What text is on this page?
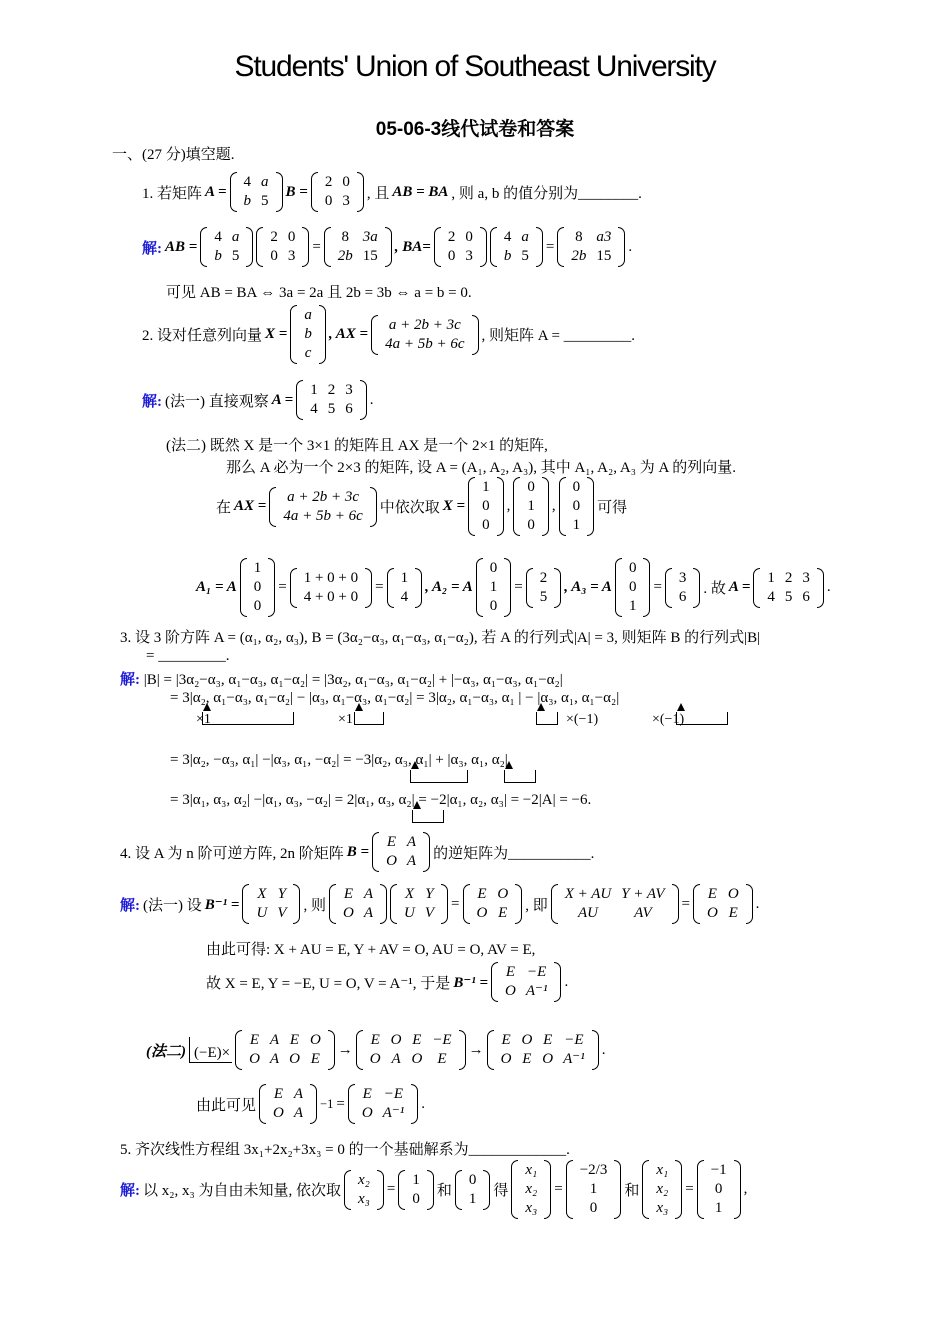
Students' Union of Southeast University
05-06-3线代试卷和答案
一、(27 分)填空题.
1. 若矩阵 A =
4	a
b	5
B =
2	0
0	3 , 且 AB = BA , 则 a, b 的值分别为________.
解: AB =
4	a
b	5
2	0
0	3
=
8	3a
2b	15
, BA=
2	0
0	3
4	a
b	5
=
8	a3
2b	15
.
可见 AB = BA ⇔ 3a = 2a 且 2b = 3b ⇔ a = b = 0.
2. 设对任意列向量 X =
a
b
c
, AX =
a + 2b + 3c
4a + 5b + 6c , 则矩阵 A = _________.
解: (法一) 直接观察 A =
1	2	3
4	5	6
.
(法二) 既然 X 是一个 3×1 的矩阵且 AX 是一个 2×1 的矩阵,
那么 A 必为一个 2×3 的矩阵, 设 A = (A₁, A₂, A₃), 其中 A₁, A₂, A₃ 为 A 的列向量.
在 AX =
a + 2b + 3c
4a + 5b + 6c 中依次取 X =
1
0
0
,
0
1
0
,
0
0
1
可得
A₁ = A
1
0
0
=
1 + 0 + 0
4 + 0 + 0
=
1
4
, A₂ = A
0
1
0
=
2
5
, A₃ = A
0
0
1
=
3
6 . 故 A =
1	2	3
4	5	6
.
3. 设 3 阶方阵 A = (α₁, α₂, α₃), B = (3α₂−α₃, α₁−α₃, α₁−α₂), 若 A 的行列式|A| = 3, 则矩阵 B 的行列式|B|
= _________.
解: |B| = |3α₂−α₃, α₁−α₃, α₁−α₂| = |3α₂, α₁−α₃, α₁−α₂| + |−α₃, α₁−α₃, α₁−α₂|
= 3|α₂, α₁−α₃, α₁−α₂| − |α₃, α₁−α₃, α₁−α₂| = 3|α₂, α₁−α₃, α₁ | − |α₃, α₁, α₁−α₂|
×1	×1	×(−1)	×(−1)
= 3|α₂, −α₃, α₁| −|α₃, α₁, −α₂| = −3|α₂, α₃, α₁| + |α₃, α₁, α₂|
= 3|α₁, α₃, α₂| −|α₁, α₃, −α₂| = 2|α₁, α₃, α₂| = −2|α₁, α₂, α₃| = −2|A| = −6.
4. 设 A 为 n 阶可逆方阵, 2n 阶矩阵 B =
E	A
O	A 的逆矩阵为___________.
解: (法一) 设 B⁻¹ =
X	Y
U	V , 则
E	A
O	A
X	Y
U	V
=
E	O
O	E , 即
X + AU	Y + AV
AU	AV
=
E	O
O	E
.
由此可得: X + AU = E, Y + AV = O, AU = O, AV = E,
故 X = E, Y = −E, U = O, V = A⁻¹, 于是 B⁻¹ =
E	−E
O	A⁻¹
.
(法二) (−E)×
E	A	E	O
O	A	O	E
→
E	O	E	−E
O	A	O	E
→
E	O	E	−E
O	E	O	A⁻¹
.
由此可见
E	A
O	A
−1 =
E	−E
O	A⁻¹
.
5. 齐次线性方程组 3x₁+2x₂+3x₃ = 0 的一个基础解系为_____________.
解: 以 x₂, x₃ 为自由未知量, 依次取
x₂
x₃
=
1
0 和
0
1 得
x₁
x₂
x₃
=
−2/3
1
0
和
x₁
x₂
x₃
=
−1
0
1
,
